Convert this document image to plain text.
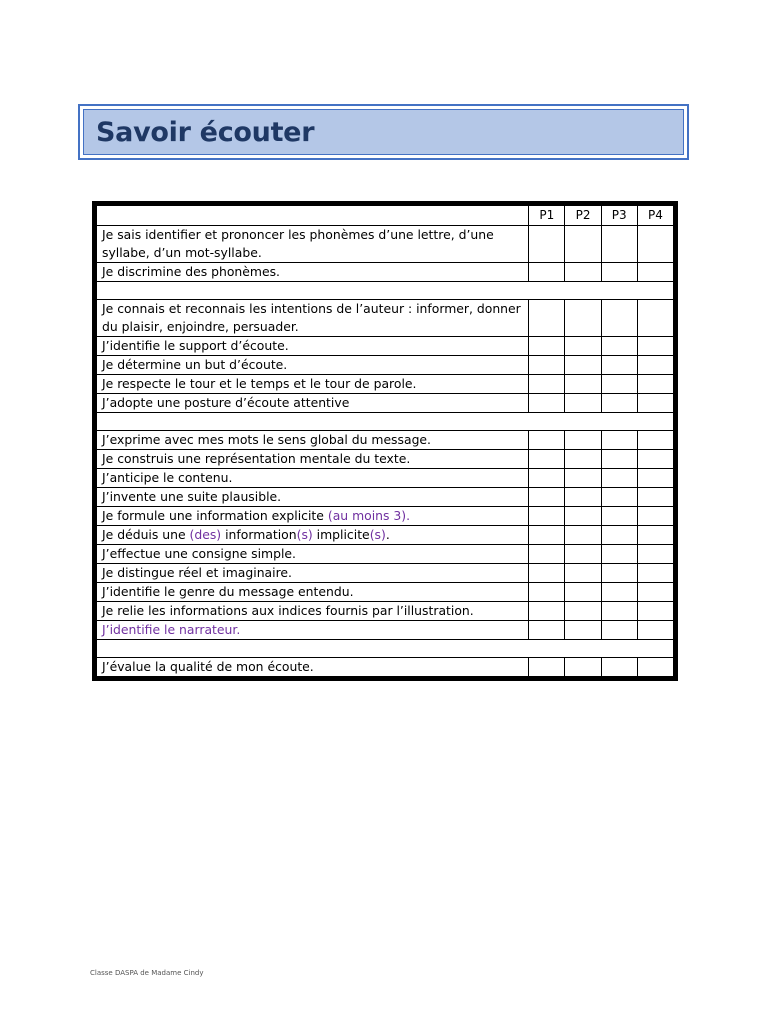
Savoir écouter
	P1	P2	P3	P4
Je sais identifier et prononcer les phonèmes d’une lettre, d’une syllabe, d’un mot-syllabe.				
Je discrimine des phonèmes.				

Je connais et reconnais les intentions de l’auteur : informer, donner du plaisir, enjoindre, persuader.				
J’identifie le support d’écoute.				
Je détermine un but d’écoute.				
Je respecte le tour et le temps et le tour de parole.				
J’adopte une posture d’écoute attentive				

J’exprime avec mes mots le sens global du message.				
Je construis une représentation mentale du texte.				
J’anticipe le contenu.				
J’invente une suite plausible.				
Je formule une information explicite (au moins 3).				
Je déduis une (des) information(s) implicite(s).				
J’effectue une consigne simple.				
Je distingue réel et imaginaire.				
J’identifie le genre du message entendu.				
Je relie les informations aux indices fournis par l’illustration.				
J’identifie le narrateur.				

J’évalue la qualité de mon écoute.				
Classe DASPA de Madame Cindy
